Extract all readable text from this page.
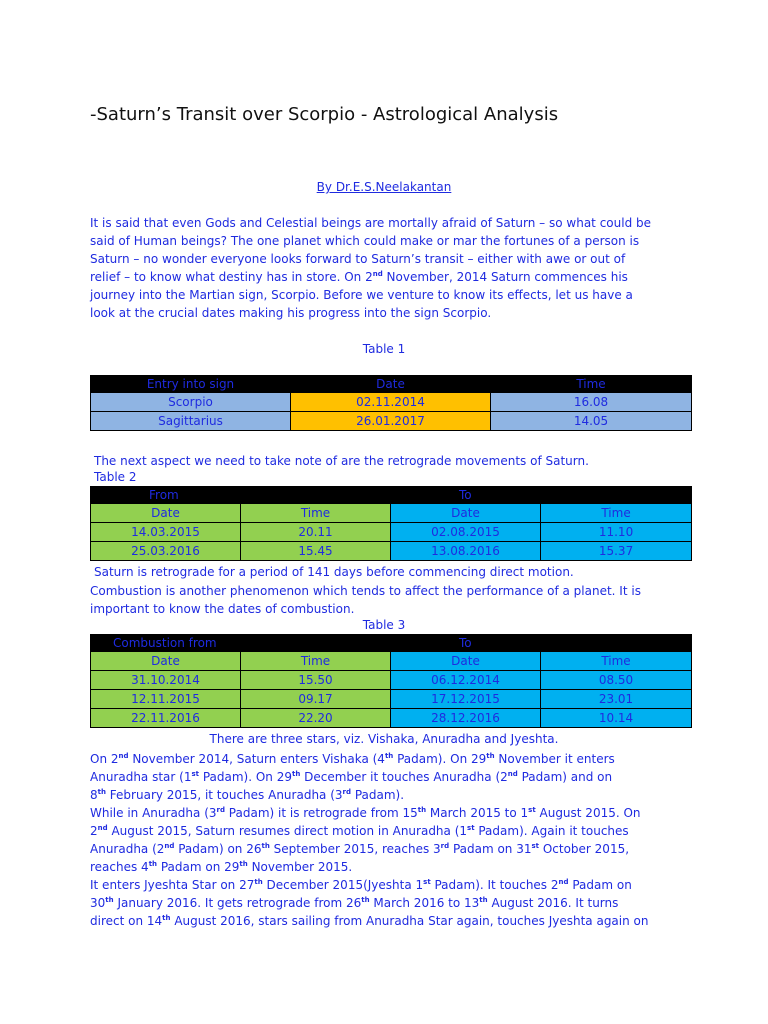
-Saturn’s Transit over Scorpio - Astrological Analysis
By Dr.E.S.Neelakantan
It is said that even Gods and Celestial beings are mortally afraid of Saturn – so what could be
said of Human beings? The one planet which could make or mar the fortunes of a person is
Saturn – no wonder everyone looks forward to Saturn’s transit – either with awe or out of
relief – to know what destiny has in store. On 2nd November, 2014 Saturn commences his
journey into the Martian sign, Scorpio. Before we venture to know its effects, let us have a
look at the crucial dates making his progress into the sign Scorpio.
Table 1
Entry into sign	Date	Time
Scorpio	02.11.2014	16.08
Sagittarius	26.01.2017	14.05
The next aspect we need to take note of are the retrograde movements of Saturn.
Table 2
From		To	
Date	Time	Date	Time
14.03.2015	20.11	02.08.2015	11.10
25.03.2016	15.45	13.08.2016	15.37
Saturn is retrograde for a period of 141 days before commencing direct motion.
Combustion is another phenomenon which tends to affect the performance of a planet. It is
important to know the dates of combustion.
Table 3
Combustion from		To	
Date	Time	Date	Time
31.10.2014	15.50	06.12.2014	08.50
12.11.2015	09.17	17.12.2015	23.01
22.11.2016	22.20	28.12.2016	10.14
There are three stars, viz. Vishaka, Anuradha and Jyeshta.
On 2nd November 2014, Saturn enters Vishaka (4th Padam). On 29th November it enters
Anuradha star (1st Padam). On 29th December it touches Anuradha (2nd Padam) and on
8th February 2015, it touches Anuradha (3rd Padam).
While in Anuradha (3rd Padam) it is retrograde from 15th March 2015 to 1st August 2015. On
2nd August 2015, Saturn resumes direct motion in Anuradha (1st Padam). Again it touches
Anuradha (2nd Padam) on 26th September 2015, reaches 3rd Padam on 31st October 2015,
reaches 4th Padam on 29th November 2015.
It enters Jyeshta Star on 27th December 2015(Jyeshta 1st Padam). It touches 2nd Padam on
30th January 2016. It gets retrograde from 26th March 2016 to 13th August 2016. It turns
direct on 14th August 2016, stars sailing from Anuradha Star again, touches Jyeshta again on
